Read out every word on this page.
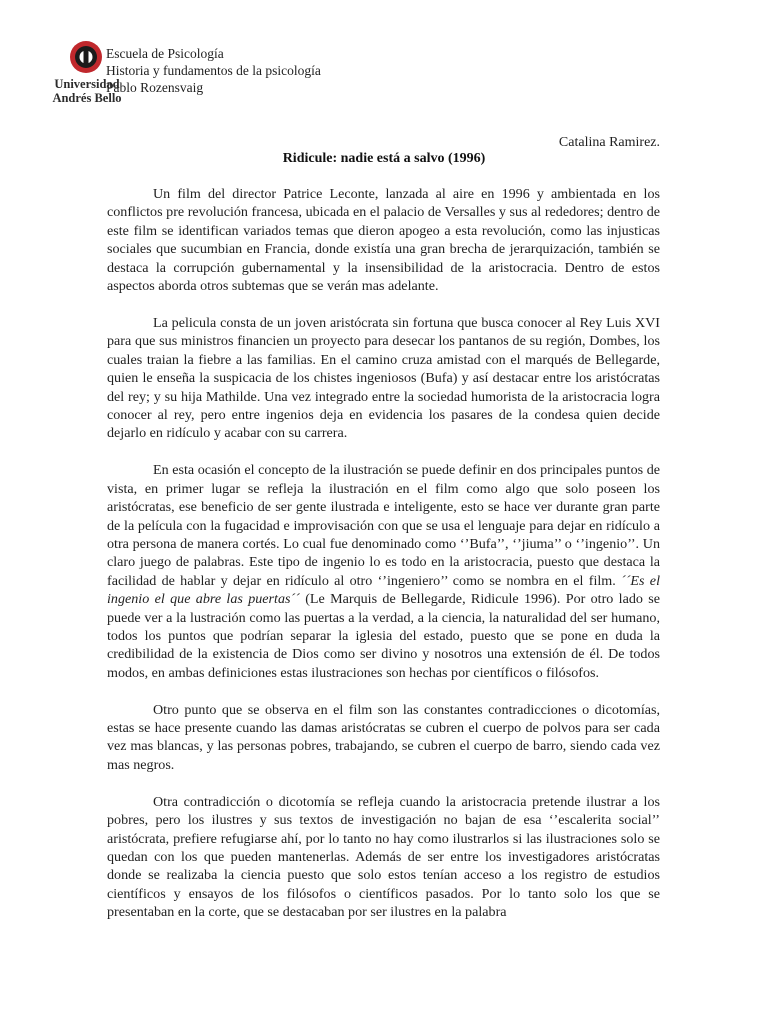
Universidad
Andrés Bello
Escuela de Psicología
Historia y fundamentos de la psicología
Pablo Rozensvaig
Catalina Ramirez.
Ridicule: nadie está a salvo (1996)

Un film del director Patrice Leconte, lanzada al aire en 1996 y ambientada en los conflictos pre revolución francesa, ubicada en el palacio de Versalles y sus al rededores; dentro de este film se identifican variados temas que dieron apogeo a esta revolución, como las injusticas sociales que sucumbian en Francia, donde existía una gran brecha de jerarquización, también se destaca la corrupción gubernamental y la insensibilidad de la aristocracia. Dentro de estos aspectos aborda otros subtemas que se verán mas adelante.

La pelicula consta de un joven aristócrata sin fortuna que busca conocer al Rey Luis XVI para que sus ministros financien un proyecto para desecar los pantanos de su región, Dombes, los cuales traian la fiebre a las familias. En el camino cruza amistad con el marqués de Bellegarde, quien le enseña la suspicacia de los chistes ingeniosos (Bufa) y así destacar entre los aristócratas del rey; y su hija Mathilde. Una vez integrado entre la sociedad humorista de la aristocracia logra conocer al rey, pero entre ingenios deja en evidencia los pasares de la condesa quien decide dejarlo en ridículo y acabar con su carrera.

En esta ocasión el concepto de la ilustración se puede definir en dos principales puntos de vista, en primer lugar se refleja la ilustración en el film como algo que solo poseen los aristócratas, ese beneficio de ser gente ilustrada e inteligente, esto se hace ver durante gran parte de la película con la fugacidad e improvisación con que se usa el lenguaje para dejar en ridículo a otra persona de manera cortés. Lo cual fue denominado como ‘’Bufa’’, ‘’jiuma’’ o ‘’ingenio’’. Un claro juego de palabras. Este tipo de ingenio lo es todo en la aristocracia, puesto que destaca la facilidad de hablar y dejar en ridículo al otro ‘’ingeniero’’ como se nombra en el film. ´´Es el ingenio el que abre las puertas´´ (Le Marquis de Bellegarde, Ridicule 1996). Por otro lado se puede ver a la lustración como las puertas a la verdad, a la ciencia, la naturalidad del ser humano, todos los puntos que podrían separar la iglesia del estado, puesto que se pone en duda la credibilidad de la existencia de Dios como ser divino y nosotros una extensión de él. De todos modos, en ambas definiciones estas ilustraciones son hechas por científicos o filósofos.

Otro punto que se observa en el film son las constantes contradicciones o dicotomías, estas se hace presente cuando las damas aristócratas se cubren el cuerpo de polvos para ser cada vez mas blancas, y las personas pobres, trabajando, se cubren el cuerpo de barro, siendo cada vez mas negros.

Otra contradicción o dicotomía se refleja cuando la aristocracia pretende ilustrar a los pobres, pero los ilustres y sus textos de investigación no bajan de esa ‘’escalerita social’’ aristócrata, prefiere refugiarse ahí, por lo tanto no hay como ilustrarlos si las ilustraciones solo se quedan con los que pueden mantenerlas. Además de ser entre los investigadores aristócratas donde se realizaba la ciencia puesto que solo estos tenían acceso a los registro de estudios científicos y ensayos de los filósofos o científicos pasados. Por lo tanto solo los que se presentaban en la corte, que se destacaban por ser ilustres en la palabra
